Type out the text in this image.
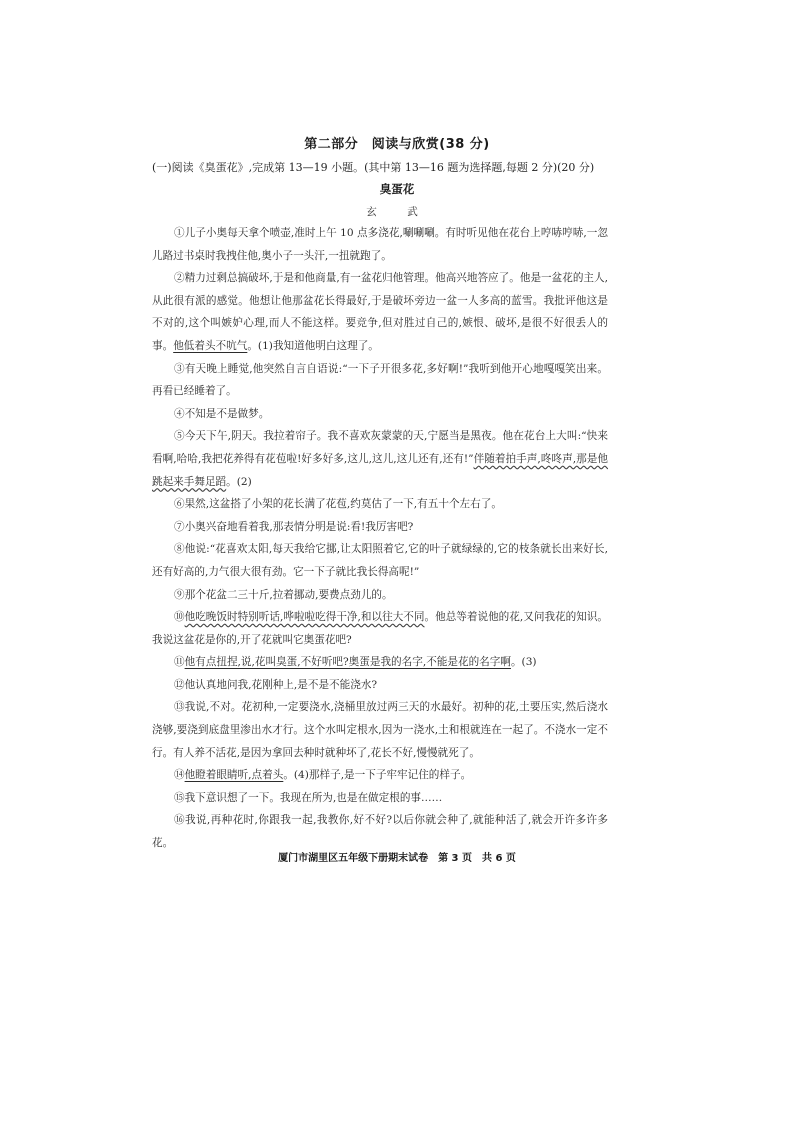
第二部分　阅读与欣赏(38 分)
(一)阅读《臭蛋花》,完成第 13—19 小题。(其中第 13—16 题为选择题,每题 2 分)(20 分)
臭蛋花
玄　武

①儿子小奥每天拿个喷壶,准时上午 10 点多浇花,唰唰唰。有时听见他在花台上哼哧哼哧,一忽儿路过书桌时我拽住他,奥小子一头汗,一扭就跑了。

②精力过剩总搞破坏,于是和他商量,有一盆花归他管理。他高兴地答应了。他是一盆花的主人,从此很有派的感觉。他想让他那盆花长得最好,于是破坏旁边一盆一人多高的蓝雪。我批评他这是不对的,这个叫嫉妒心理,而人不能这样。要竞争,但对胜过自己的,嫉恨、破坏,是很不好很丢人的事。他低着头不吭气。(1)我知道他明白这理了。

③有天晚上睡觉,他突然自言自语说:“一下子开很多花,多好啊!”我听到他开心地嘎嘎笑出来。再看已经睡着了。

④不知是不是做梦。

⑤今天下午,阴天。我拉着帘子。我不喜欢灰蒙蒙的天,宁愿当是黑夜。他在花台上大叫:“快来看啊,哈哈,我把花养得有花苞啦!好多好多,这儿,这儿,这儿还有,还有!”伴随着拍手声,咚咚声,那是他跳起来手舞足蹈。(2)

⑥果然,这盆搭了小架的花长满了花苞,约莫估了一下,有五十个左右了。

⑦小奥兴奋地看着我,那表情分明是说:看!我厉害吧?

⑧他说:“花喜欢太阳,每天我给它挪,让太阳照着它,它的叶子就绿绿的,它的枝条就长出来好长,还有好高的,力气很大很有劲。它一下子就比我长得高呢!”

⑨那个花盆二三十斤,拉着挪动,要费点劲儿的。

⑩他吃晚饭时特别听话,哗啦啦吃得干净,和以往大不同。他总等着说他的花,又问我花的知识。我说这盆花是你的,开了花就叫它奥蛋花吧?

⑪他有点扭捏,说,花叫臭蛋,不好听吧?奥蛋是我的名字,不能是花的名字啊。(3)

⑫他认真地问我,花刚种上,是不是不能浇水?

⑬我说,不对。花初种,一定要浇水,浇桶里放过两三天的水最好。初种的花,土要压实,然后浇水浇够,要浇到底盘里渗出水才行。这个水叫定根水,因为一浇水,土和根就连在一起了。不浇水一定不行。有人养不活花,是因为拿回去种时就种坏了,花长不好,慢慢就死了。

⑭他瞪着眼睛听,点着头。(4)那样子,是一下子牢牢记住的样子。

⑮我下意识想了一下。我现在所为,也是在做定根的事……

⑯我说,再种花时,你跟我一起,我教你,好不好?以后你就会种了,就能种活了,就会开许多许多花。

厦门市湖里区五年级下册期末试卷　第 3 页　共 6 页
